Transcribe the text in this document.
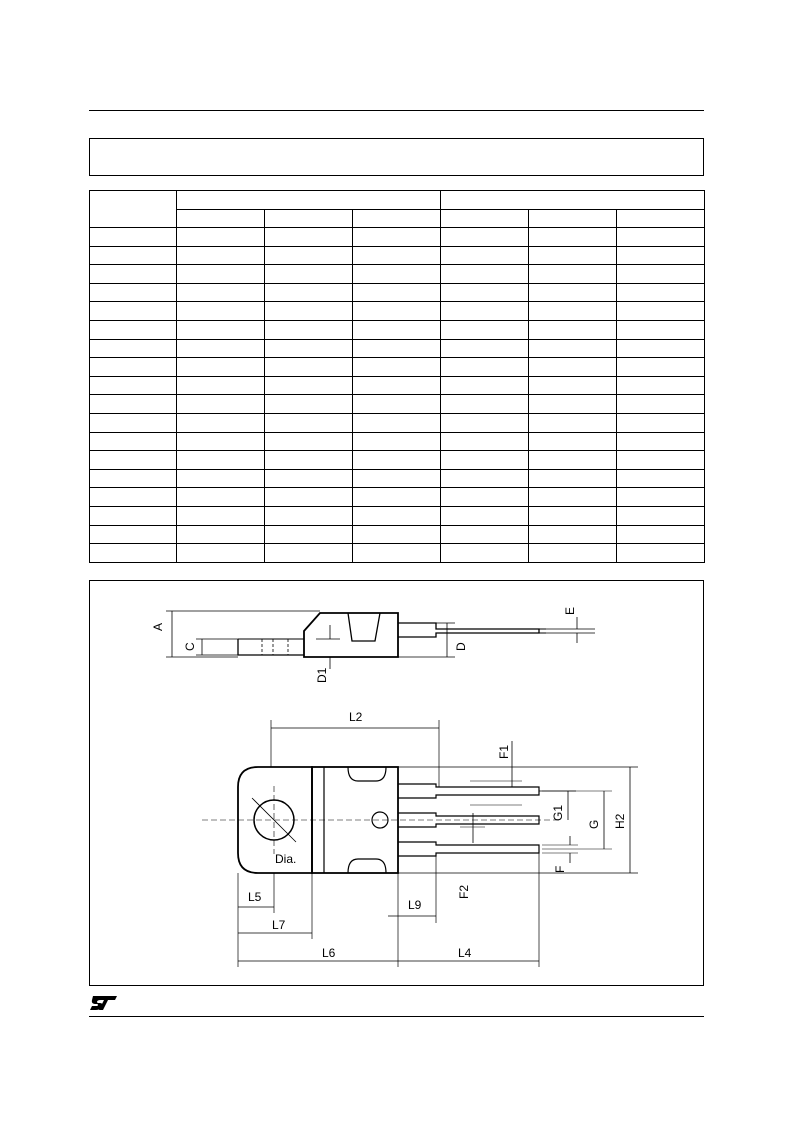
A
C
D1
D
E
L2
F1
G1
G H2
F
F2
Dia.
L5
L7
L9
L6	L4
